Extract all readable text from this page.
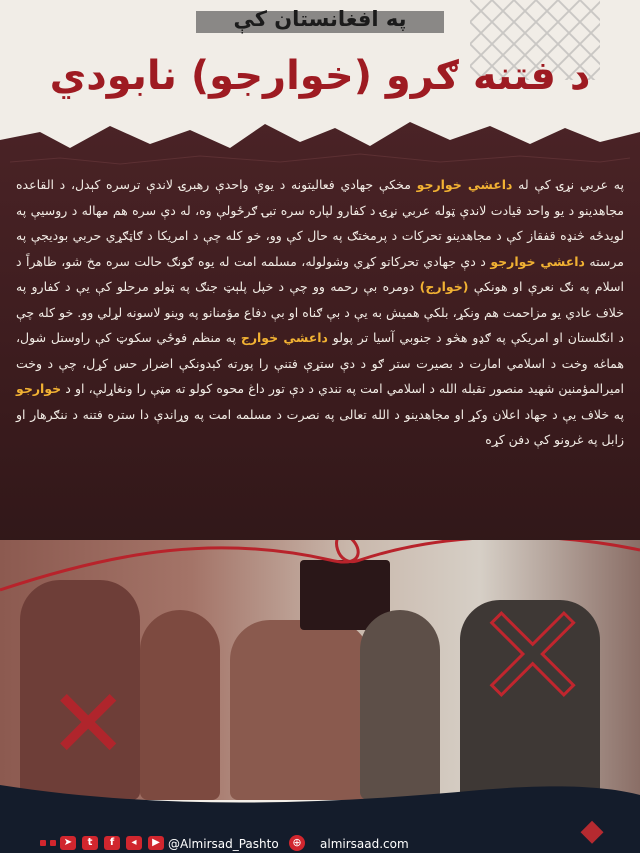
په افغانستان کې
د فتنه ګرو (خوارجو) نابودي
په عربي نړۍ کې له داعشي خوارجو مخکې جهادي فعالیتونه د یوې واحدې رهبرۍ لاندې ترسره کېدل، د القاعده مجاهدینو د یو واحد قیادت لاندې ټوله عربي نړۍ د کفارو لپاره سره تبۍ ګرځولې وه، له دې سره هم مهاله د روسیې په لویدځه څنډه قفقاز کې د مجاهدینو تحرکات د پرمختګ په حال کې وو، خو کله چې د امریکا د ګاټګړي حربي بودیجې په مرسته داعشي خوارجو د دې جهادي تحرکاتو کړي وشولوله، مسلمه امت له یوه ګونګ حالت سره مخ شو، ظاهراً د اسلام په نګ نعرې او هونکې (خوارج) دومره بې رحمه وو چې د خپل پلېټ جنګ په ټولو مرحلو کې یې د کفارو په خلاف عادي یو مزاحمت هم ونکړ، بلکې همیش به یې د بې ګناه او بې دفاع مؤمنانو په وینو لاسونه لړلي وو. خو کله چې د انګلستان او امریکې په ګډو هڅو د جنوبي آسیا تر پولو داعشي خوارج په منظم فوځي سکوټ کې راوستل شول، هماغه وخت د اسلامي امارت د بصیرت ستر ګو د دې ستړې فتنې را پورته کېدونکې اضرار حس کړل، چې د وخت امیرالمؤمنین شهید منصور تقبله الله د اسلامي امت په تندي د دې تور داغ محوه کولو ته مټې را ونغاړلې، او د خوارجو په خلاف یې د جهاد اعلان وکړ او مجاهدینو د الله تعالی په نصرت د مسلمه امت په وړاندې دا ستره فتنه د ننګرهار او زابل په غرونو کې دفن کړه
✕ ✕
➤	t	f	◂	▶ @Almirsad_Pashto	⊕ almirsaad.com	◆
